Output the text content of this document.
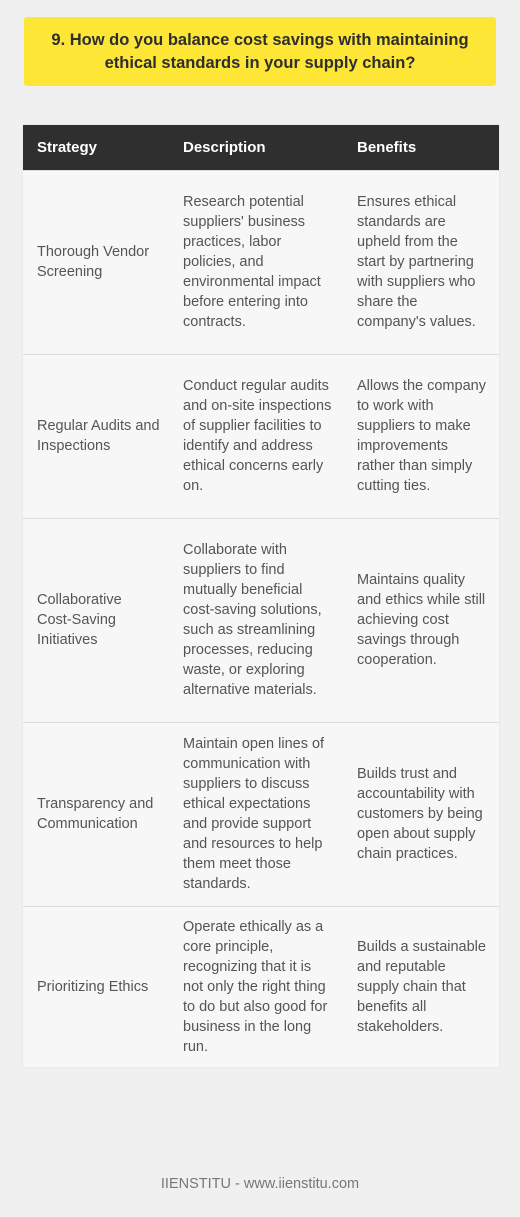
9. How do you balance cost savings with maintaining ethical standards in your supply chain?
Strategy	Description	Benefits
Thorough Vendor Screening	Research potential suppliers' business practices, labor policies, and environmental impact before entering into contracts.	Ensures ethical standards are upheld from the start by partnering with suppliers who share the company's values.
Regular Audits and Inspections	Conduct regular audits and on-site inspections of supplier facilities to identify and address ethical concerns early on.	Allows the company to work with suppliers to make improvements rather than simply cutting ties.
Collaborative Cost-Saving Initiatives	Collaborate with suppliers to find mutually beneficial cost-saving solutions, such as streamlining processes, reducing waste, or exploring alternative materials.	Maintains quality and ethics while still achieving cost savings through cooperation.
Transparency and Communication	Maintain open lines of communication with suppliers to discuss ethical expectations and provide support and resources to help them meet those standards.	Builds trust and accountability with customers by being open about supply chain practices.
Prioritizing Ethics	Operate ethically as a core principle, recognizing that it is not only the right thing to do but also good for business in the long run.	Builds a sustainable and reputable supply chain that benefits all stakeholders.
IIENSTITU - www.iienstitu.com
